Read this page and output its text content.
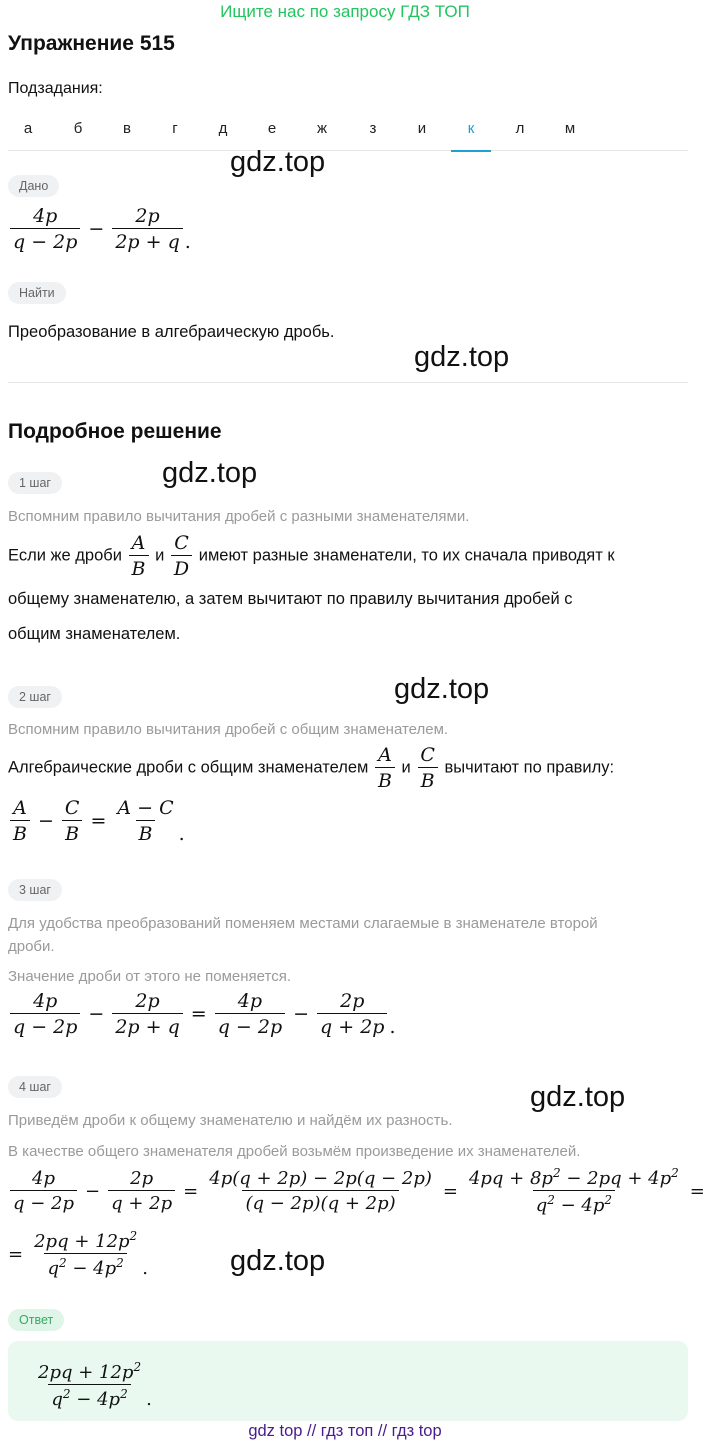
Ищите нас по запросу ГДЗ ТОП
Упражнение 515
Подзадания:
а	б	в	г	д	е	ж	з	и	к	л	м
gdz.top
gdz.top
gdz.top
gdz.top
gdz.top
gdz.top
Дано
$\frac{4p}{q - 2p} - \frac{2p}{2p + q}$ .
Найти
Преобразование в алгебраическую дробь.
Подробное решение
1 шаг
Вспомним правило вычитания дробей с разными знаменателями.
Если же дроби $\frac{A}{B}$ и $\frac{C}{D}$ имеют разные знаменатели, то их сначала приводят к
общему знаменателю, а затем вычитают по правилу вычитания дробей с
общим знаменателем.
2 шаг
Вспомним правило вычитания дробей с общим знаменателем.
Алгебраические дроби с общим знаменателем $\frac{A}{B}$ и $\frac{C}{B}$ вычитают по правилу:
$\frac{A}{B} - \frac{C}{B} = \frac{A - C}{B}$ .
3 шаг
Для удобства преобразований поменяем местами слагаемые в знаменателе второй
дроби.
Значение дроби от этого не поменяется.
$\frac{4p}{q - 2p} - \frac{2p}{2p + q} = \frac{4p}{q - 2p} - \frac{2p}{q + 2p}$ .
4 шаг
Приведём дроби к общему знаменателю и найдём их разность.
В качестве общего знаменателя дробей возьмём произведение их знаменателей.
$\frac{4p}{q - 2p} - \frac{2p}{q + 2p} = \frac{4p(q + 2p) - 2p(q - 2p)}{(q - 2p)(q + 2p)} = \frac{4pq + 8p^2 - 2pq + 4p^2}{q^2 - 4p^2}$ =
= $\frac{2pq + 12p^2}{q^2 - 4p^2}$ .
Ответ
$\frac{2pq + 12p^2}{q^2 - 4p^2}$ .
gdz top // гдз топ // гдз top
